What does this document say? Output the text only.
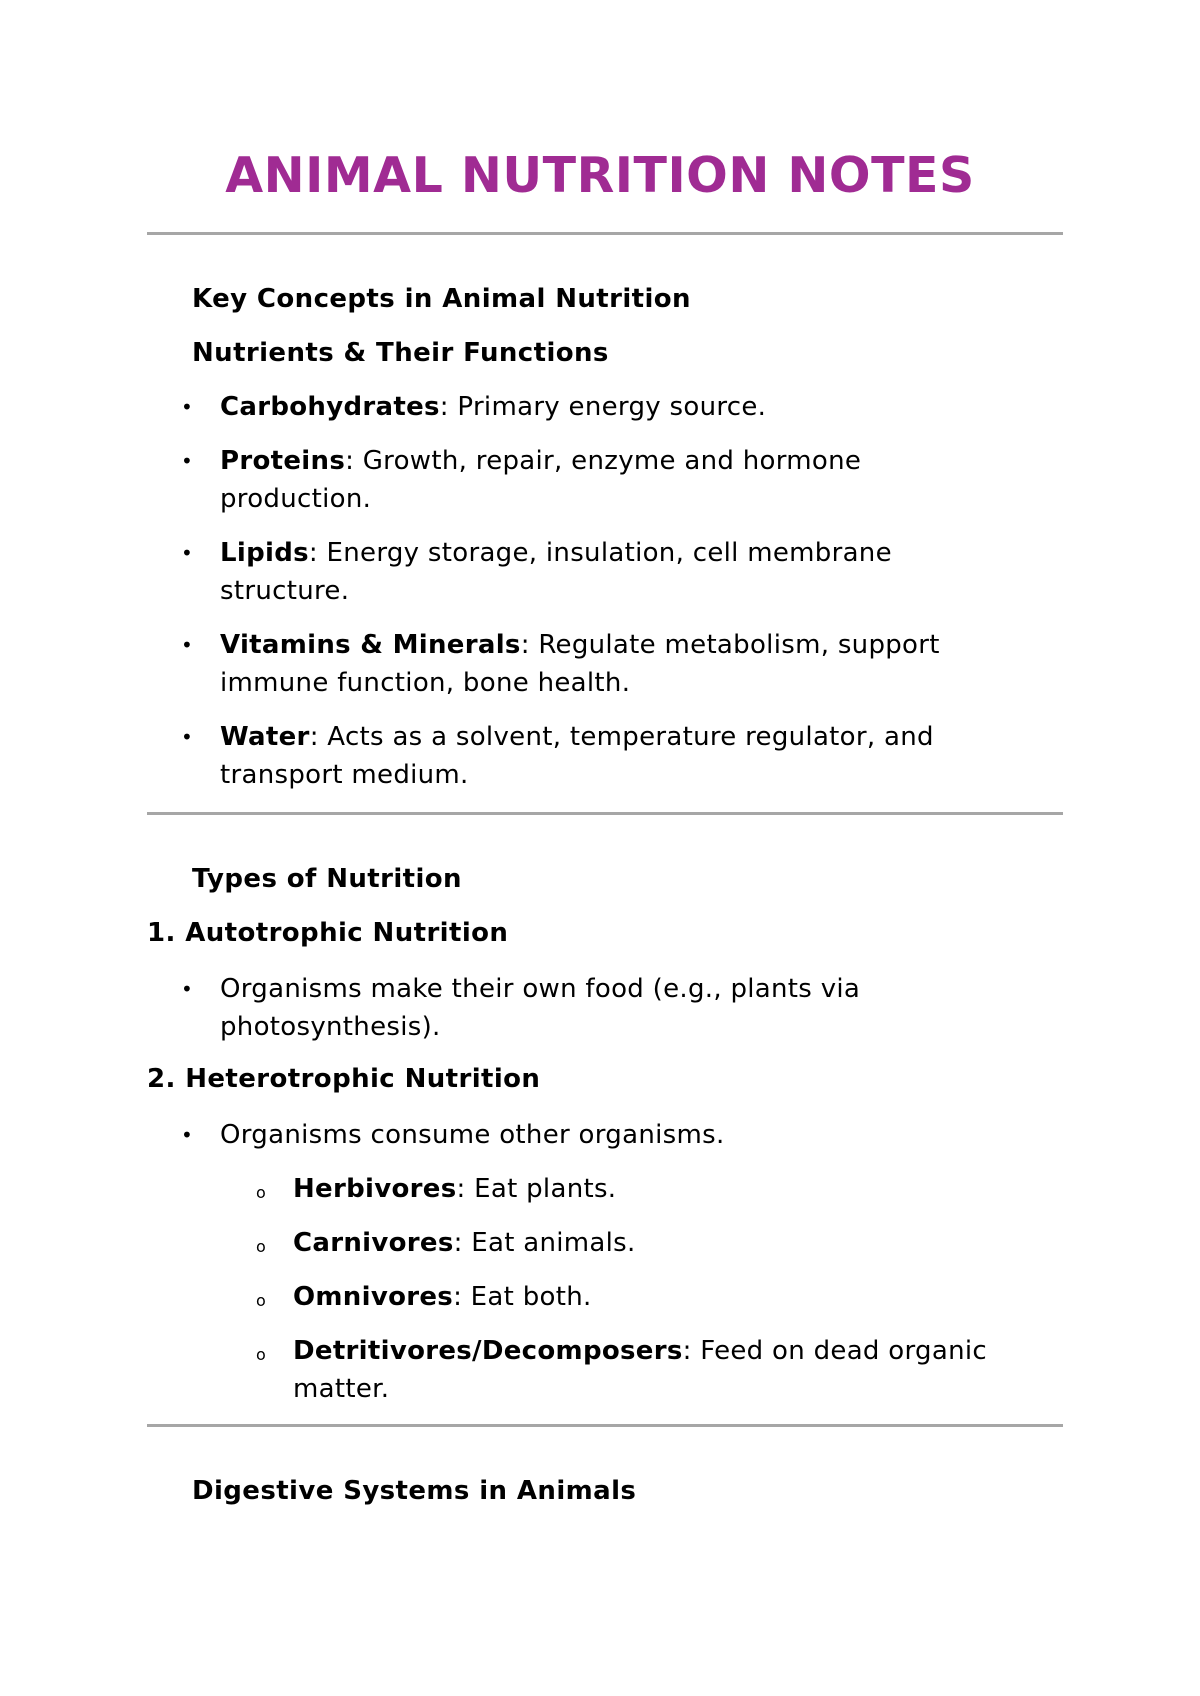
ANIMAL NUTRITION NOTES
Key Concepts in Animal Nutrition
Nutrients & Their Functions
• Carbohydrates: Primary energy source.
• Proteins: Growth, repair, enzyme and hormone
production.
• Lipids: Energy storage, insulation, cell membrane
structure.
• Vitamins & Minerals: Regulate metabolism, support
immune function, bone health.
• Water: Acts as a solvent, temperature regulator, and
transport medium.
Types of Nutrition
1. Autotrophic Nutrition
• Organisms make their own food (e.g., plants via
photosynthesis).
2. Heterotrophic Nutrition
• Organisms consume other organisms.
o Herbivores: Eat plants.
o Carnivores: Eat animals.
o Omnivores: Eat both.
o Detritivores/Decomposers: Feed on dead organic
matter.
Digestive Systems in Animals
